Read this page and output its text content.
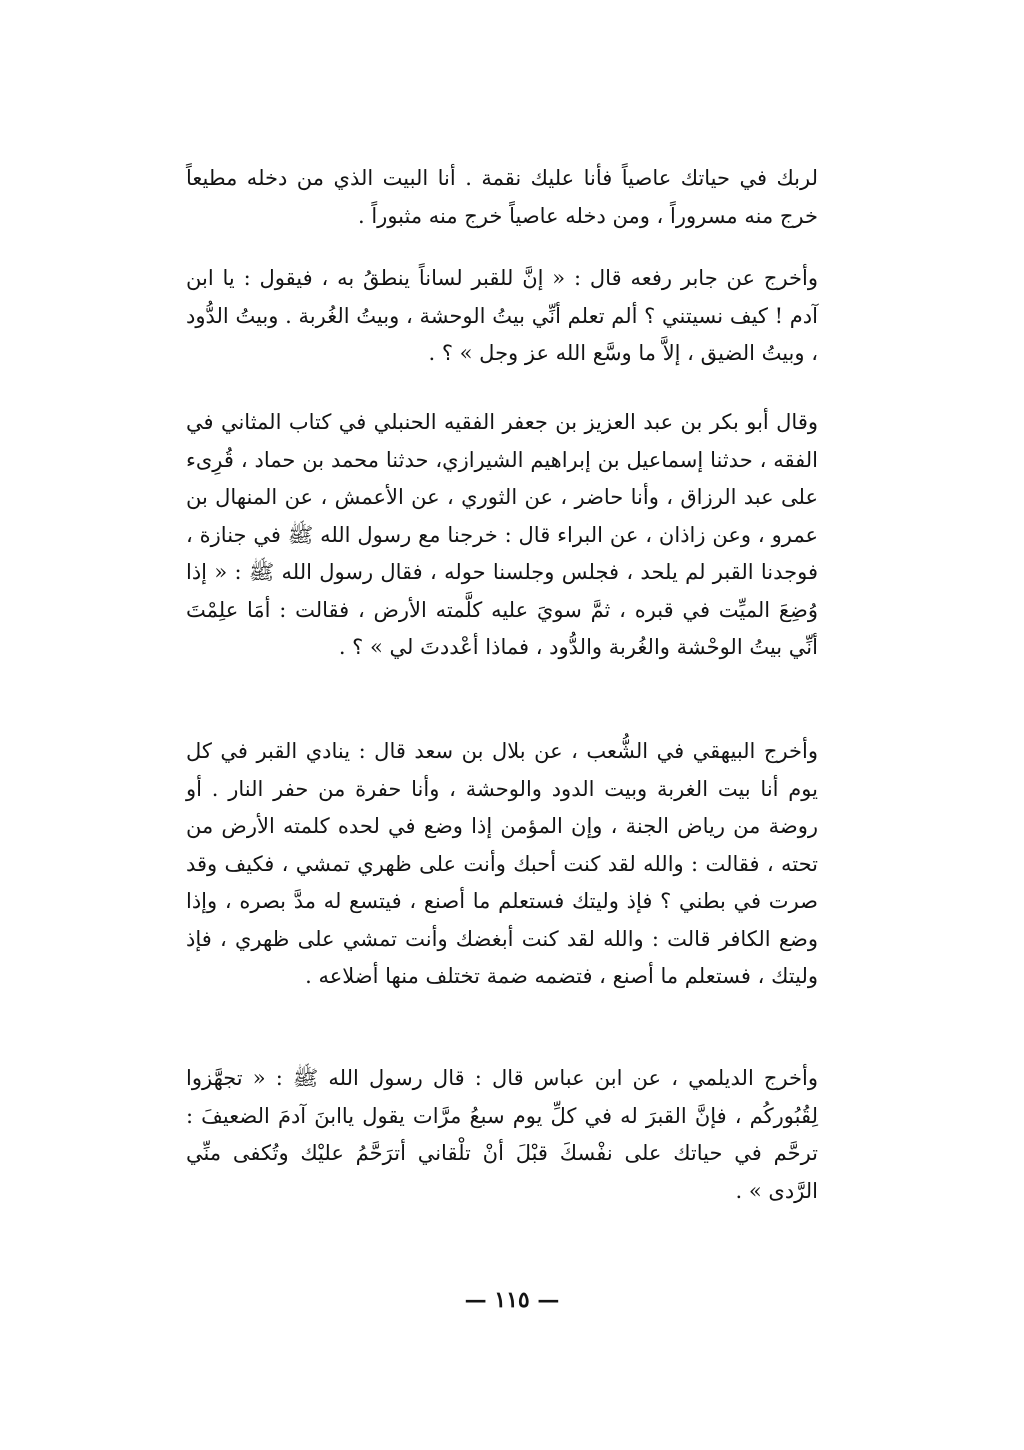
لربك في حياتك عاصياً فأنا عليك نقمة . أنا البيت الذي من دخله مطيعاً خرج منه مسروراً ، ومن دخله عاصياً خرج منه مثبوراً .

وأخرج عن جابر رفعه قال : « إنَّ للقبر لساناً ينطقُ به ، فيقول : يا ابن آدم ! كيف نسيتني ؟ ألم تعلم أنِّي بيتُ الوحشة ، وبيتُ الغُربة . وبيتُ الدُّود ، وبيتُ الضيق ، إلاَّ ما وسَّع الله عز وجل » ؟ .

وقال أبو بكر بن عبد العزيز بن جعفر الفقيه الحنبلي في كتاب المثاني في الفقه ، حدثنا إسماعيل بن إبراهيم الشيرازي، حدثنا محمد بن حماد ، قُرِىء على عبد الرزاق ، وأنا حاضر ، عن الثوري ، عن الأعمش ، عن المنهال بن عمرو ، وعن زاذان ، عن البراء قال : خرجنا مع رسول الله ﷺ في جنازة ، فوجدنا القبر لم يلحد ، فجلس وجلسنا حوله ، فقال رسول الله ﷺ : « إذا وُضِعَ الميِّت في قبره ، ثمَّ سويَ عليه كلَّمته الأرض ، فقالت : أمَا علِمْتَ أنِّي بيتُ الوحْشة والغُربة والدُّود ، فماذا أعْددتَ لي » ؟ .

وأخرج البيهقي في الشُّعب ، عن بلال بن سعد قال : ينادي القبر في كل يوم أنا بيت الغربة وبيت الدود والوحشة ، وأنا حفرة من حفر النار . أو روضة من رياض الجنة ، وإن المؤمن إذا وضع في لحده كلمته الأرض من تحته ، فقالت : والله لقد كنت أحبك وأنت على ظهري تمشي ، فكيف وقد صرت في بطني ؟ فإذ وليتك فستعلم ما أصنع ، فيتسع له مدَّ بصره ، وإذا وضع الكافر قالت : والله لقد كنت أبغضك وأنت تمشي على ظهري ، فإذ وليتك ، فستعلم ما أصنع ، فتضمه ضمة تختلف منها أضلاعه .

وأخرج الديلمي ، عن ابن عباس قال : قال رسول الله ﷺ : « تجهَّزوا لِقُبُوركُم ، فإنَّ القبرَ له في كلِّ يوم سبعُ مرَّات يقول ياابنَ آدمَ الضعيفَ : ترحَّم في حياتك على نفْسكَ قبْلَ أنْ تلْقاني أترَحَّمُ عليْك وتُكفى منِّي الرَّدى » .

— ١١٥ —
